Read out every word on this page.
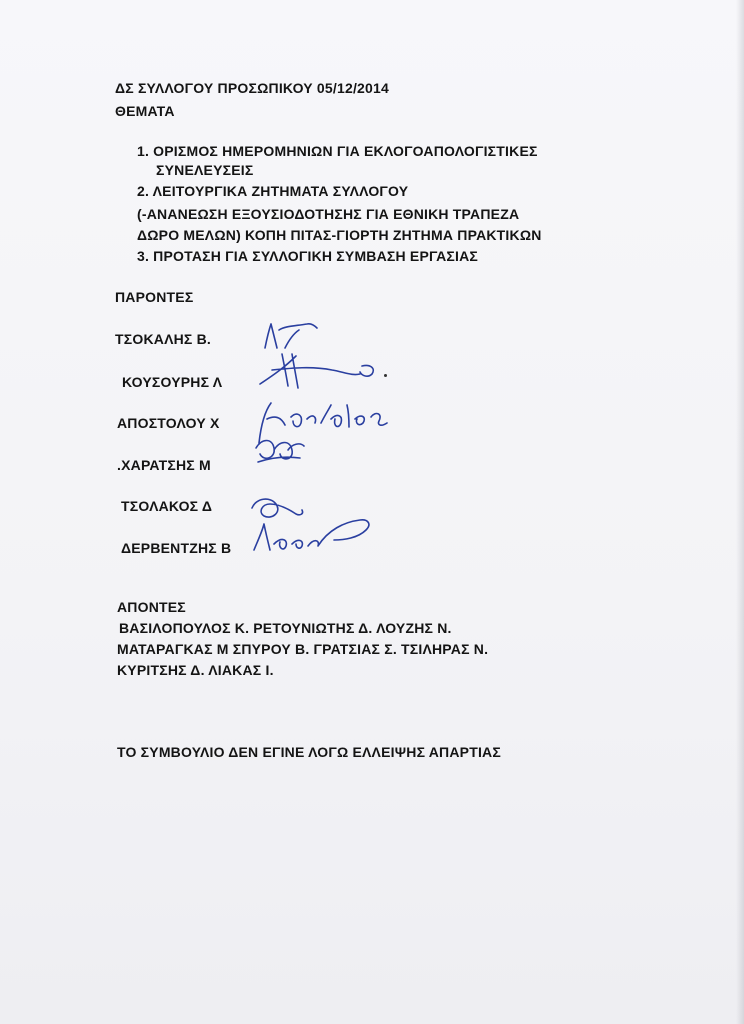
ΔΣ ΣΥΛΛΟΓΟΥ ΠΡΟΣΩΠΙΚΟΥ 05/12/2014

ΘΕΜΑΤΑ

1. ΟΡΙΣΜΟΣ ΗΜΕΡΟΜΗΝΙΩΝ ΓΙΑ ΕΚΛΟΓΟΑΠΟΛΟΓΙΣΤΙΚΕΣ

ΣΥΝΕΛΕΥΣΕΙΣ

2. ΛΕΙΤΟΥΡΓΙΚΑ ΖΗΤΗΜΑΤΑ ΣΥΛΛΟΓΟΥ

(-ΑΝΑΝΕΩΣΗ ΕΞΟΥΣΙΟΔΟΤΗΣΗΣ ΓΙΑ ΕΘΝΙΚΗ ΤΡΑΠΕΖΑ

ΔΩΡΟ ΜΕΛΩΝ) ΚΟΠΗ ΠΙΤΑΣ-ΓΙΟΡΤΗ ΖΗΤΗΜΑ ΠΡΑΚΤΙΚΩΝ

3. ΠΡΟΤΑΣΗ ΓΙΑ ΣΥΛΛΟΓΙΚΗ ΣΥΜΒΑΣΗ ΕΡΓΑΣΙΑΣ

ΠΑΡΟΝΤΕΣ

ΤΣΟΚΑΛΗΣ Β.

ΚΟΥΣΟΥΡΗΣ Λ

ΑΠΟΣΤΟΛΟΥ Χ

.ΧΑΡΑΤΣΗΣ Μ

ΤΣΟΛΑΚΟΣ Δ

ΔΕΡΒΕΝΤΖΗΣ Β

ΑΠΟΝΤΕΣ

ΒΑΣΙΛΟΠΟΥΛΟΣ Κ. ΡΕΤΟΥΝΙΩΤΗΣ Δ. ΛΟΥΖΗΣ Ν.

ΜΑΤΑΡΑΓΚΑΣ Μ ΣΠΥΡΟΥ Β. ΓΡΑΤΣΙΑΣ Σ. ΤΣΙΛΗΡΑΣ Ν.

ΚΥΡΙΤΣΗΣ Δ. ΛΙΑΚΑΣ Ι.

ΤΟ ΣΥΜΒΟΥΛΙΟ ΔΕΝ ΕΓΙΝΕ ΛΟΓΩ ΕΛΛΕΙΨΗΣ ΑΠΑΡΤΙΑΣ
